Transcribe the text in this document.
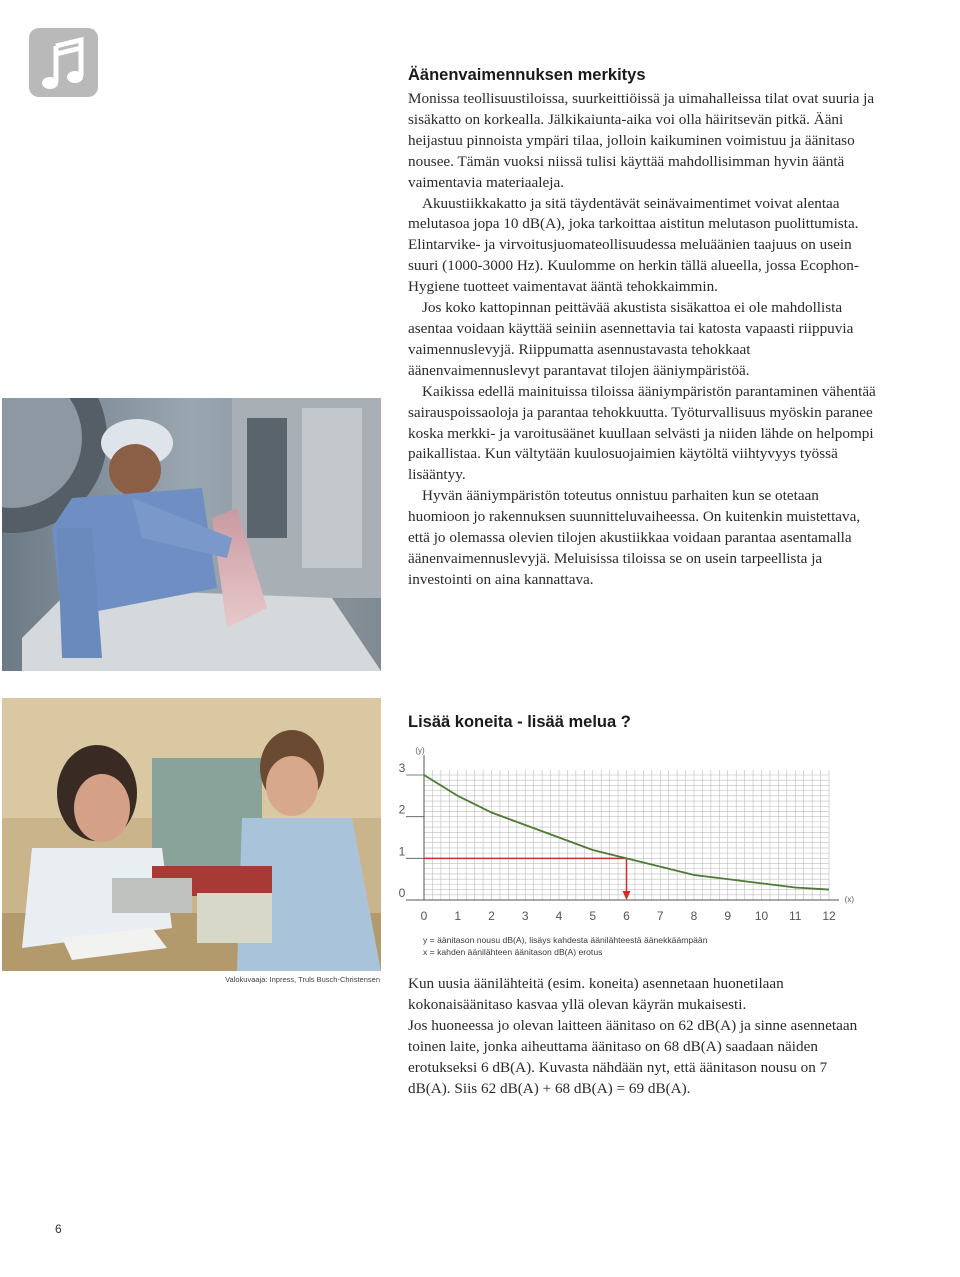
Äänenvaimennuksen merkitys

Monissa teollisuustiloissa, suurkeittiöissä ja uimahalleissa tilat ovat suuria ja sisäkatto on korkealla. Jälkikaiunta-aika voi olla häiritsevän pitkä. Ääni heijastuu pinnoista ympäri tilaa, jolloin kaikuminen voimistuu ja äänitaso nousee. Tämän vuoksi niissä tulisi käyttää mahdollisimman hyvin ääntä vaimentavia materiaaleja.

Akuustiikkakatto ja sitä täydentävät seinävaimentimet voivat alentaa melutasoa jopa 10 dB(A), joka tarkoittaa aistitun melutason puolittumista. Elintarvike- ja virvoitusjuomateollisuudessa meluäänien taajuus on usein suuri (1000-3000 Hz). Kuulomme on herkin tällä alueella, jossa Ecophon-Hygiene tuotteet vaimentavat ääntä tehokkaimmin.

Jos koko kattopinnan peittävää akustista sisäkattoa ei ole mahdollista asentaa voidaan käyttää seiniin asennettavia tai katosta vapaasti riippuvia vaimennuslevyjä. Riippumatta asennustavasta tehokkaat äänenvaimennuslevyt parantavat tilojen ääniympäristöä.

Kaikissa edellä mainituissa tiloissa ääniympäristön parantaminen vähentää sairauspoissaoloja ja parantaa tehokkuutta. Työturvallisuus myöskin paranee koska merkki- ja varoitusäänet kuullaan selvästi ja niiden lähde on helpompi paikallistaa. Kun vältytään kuulosuojaimien käytöltä viihtyvyys työssä lisääntyy.

Hyvän ääniympäristön toteutus onnistuu parhaiten kun se otetaan huomioon jo rakennuksen suunnitteluvaiheessa. On kuitenkin muistettava, että jo olemassa olevien tilojen akustiikkaa voidaan parantaa asentamalla äänenvaimennuslevyjä. Meluisissa tiloissa se on usein tarpeellista ja investointi on aina kannattava.

Valokuvaaja: Inpress, Truls Busch-Christensen
Lisää koneita - lisää melua ?
0
1
2
3
0 1 2 3 4 5 6 7 8 9 10 11 12
(y)
(x)
y = äänitason nousu dB(A), lisäys kahdesta äänilähteestä äänekkäämpään
x = kahden äänilähteen äänitason dB(A) erotus

Kun uusia äänilähteitä (esim. koneita) asennetaan huonetilaan kokonaisäänitaso kasvaa yllä olevan käyrän mukaisesti.

Jos huoneessa jo olevan laitteen äänitaso on 62 dB(A) ja sinne asennetaan toinen laite, jonka aiheuttama äänitaso on 68 dB(A) saadaan näiden erotukseksi 6 dB(A). Kuvasta nähdään nyt, että äänitason nousu on 7 dB(A). Siis 62 dB(A) + 68 dB(A) = 69 dB(A).

6
